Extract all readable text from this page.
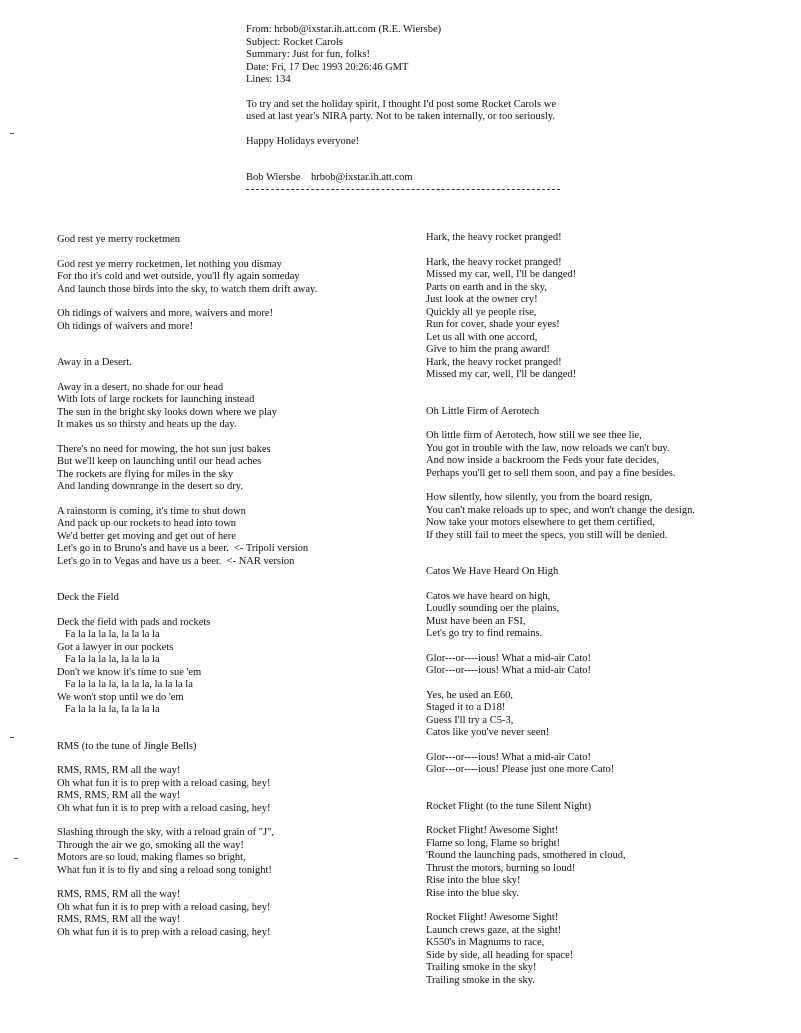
From: hrbob@ixstar.ih.att.com (R.E. Wiersbe)
Subject: Rocket Carols
Summary: Just for fun, folks!
Date: Fri, 17 Dec 1993 20:26:46 GMT
Lines: 134
To try and set the holiday spirit, I thought I'd post some Rocket Carols we
used at last year's NIRA party. Not to be taken internally, or too seriously.
Happy Holidays everyone!
Bob Wiersbe    hrbob@ixstar.ih.att.com
God rest ye merry rocketmen
God rest ye merry rocketmen, let nothing you dismay
For tho it's cold and wet outside, you'll fly again someday
And launch those birds into the sky, to watch them drift away.
Oh tidings of waivers and more, waivers and more!
Oh tidings of waivers and more!
Away in a Desert.
Away in a desert, no shade for our head
With lots of large rockets for launching instead
The sun in the bright sky looks down where we play
It makes us so thirsty and heats up the day.
There's no need for mowing, the hot sun just bakes
But we'll keep on launching until our head aches
The rockets are flying for miles in the sky
And landing downrange in the desert so dry.
A rainstorm is coming, it's time to shut down
And pack up our rockets to head into town
We'd better get moving and get out of here
Let's go in to Bruno's and have us a beer.  <- Tripoli version
Let's go in to Vegas and have us a beer.  <- NAR version
Deck the Field
Deck the field with pads and rockets
Fa la la la la, la la la la
Got a lawyer in our pockets
Fa la la la la, la la la la
Don't we know it's time to sue 'em
Fa la la la la, la la la, la la la la
We won't stop until we do 'em
Fa la la la la, la la la la
RMS (to the tune of Jingle Bells)
RMS, RMS, RM all the way!
Oh what fun it is to prep with a reload casing, hey!
RMS, RMS, RM all the way!
Oh what fun it is to prep with a reload casing, hey!
Slashing through the sky, with a reload grain of "J",
Through the air we go, smoking all the way!
Motors are so loud, making flames so bright,
What fun it is to fly and sing a reload song tonight!
RMS, RMS, RM all the way!
Oh what fun it is to prep with a reload casing, hey!
RMS, RMS, RM all the way!
Oh what fun it is to prep with a reload casing, hey!
Hark, the heavy rocket pranged!
Hark, the heavy rocket pranged!
Missed my car, well, I'll be danged!
Parts on earth and in the sky,
Just look at the owner cry!
Quickly all ye people rise,
Run for cover, shade your eyes!
Let us all with one accord,
Give to him the prang award!
Hark, the heavy rocket pranged!
Missed my car, well, I'll be danged!
Oh Little Firm of Aerotech
Oh little firm of Aerotech, how still we see thee lie,
You got in trouble with the law, now reloads we can't buy.
And now inside a backroom the Feds your fate decides,
Perhaps you'll get to sell them soon, and pay a fine besides.
How silently, how silently, you from the board resign,
You can't make reloads up to spec, and won't change the design.
Now take your motors elsewhere to get them certified,
If they still fail to meet the specs, you still will be denied.
Catos We Have Heard On High
Catos we have heard on high,
Loudly sounding oer the plains,
Must have been an FSI,
Let's go try to find remains.
Glor---or----ious! What a mid-air Cato!
Glor---or----ious! What a mid-air Cato!
Yes, he used an E60,
Staged it to a D18!
Guess I'll try a C5-3,
Catos like you've never seen!
Glor---or----ious! What a mid-air Cato!
Glor---or----ious! Please just one more Cato!
Rocket Flight (to the tune Silent Night)
Rocket Flight! Awesome Sight!
Flame so long, Flame so bright!
'Round the launching pads, smothered in cloud,
Thrust the motors, burning so loud!
Rise into the blue sky!
Rise into the blue sky.
Rocket Flight! Awesome Sight!
Launch crews gaze, at the sight!
K550's in Magnums to race,
Side by side, all heading for space!
Trailing smoke in the sky!
Trailing smoke in the sky.
